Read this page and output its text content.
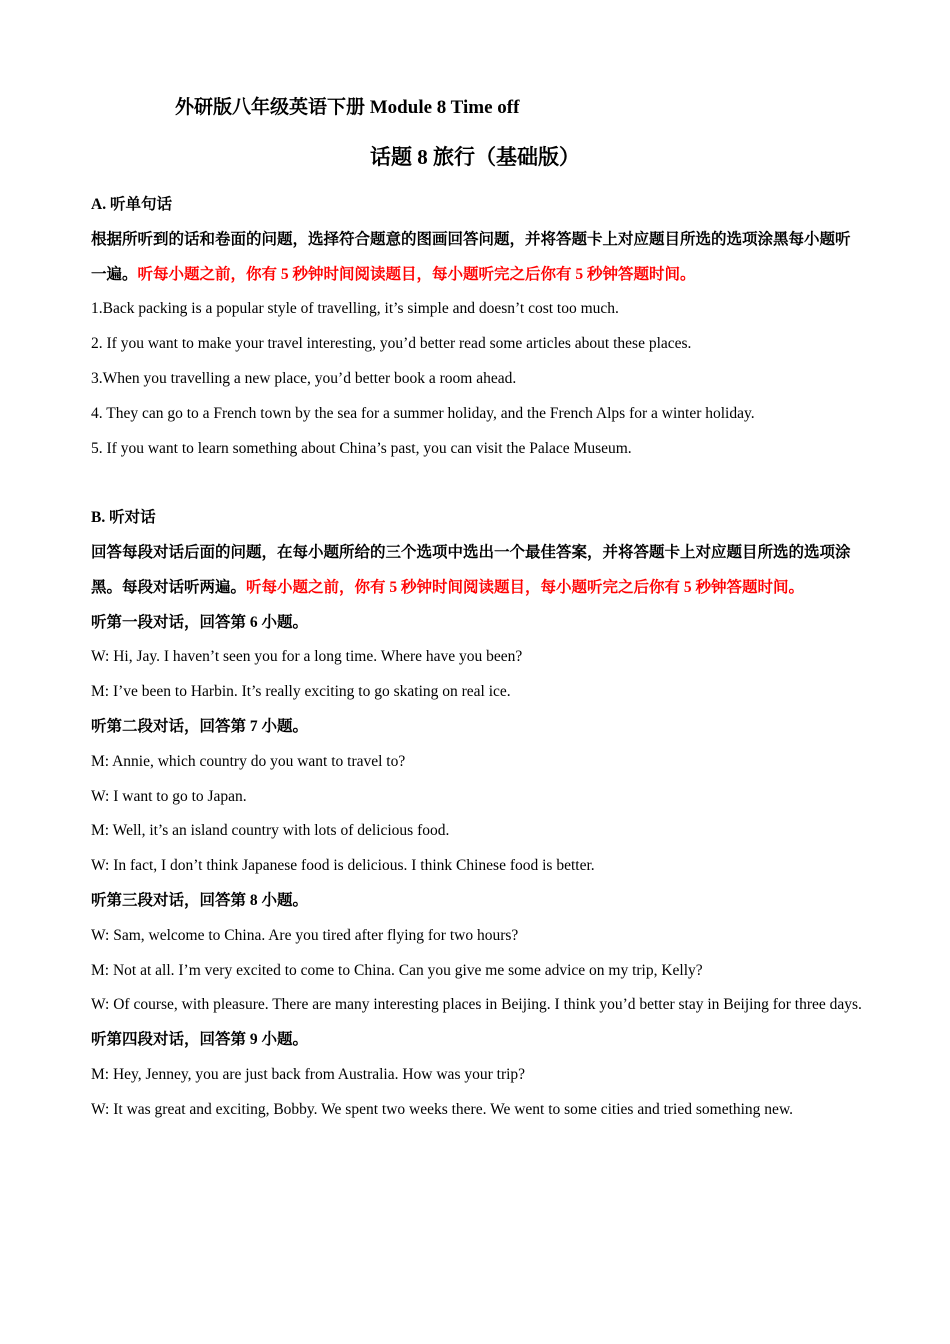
外研版八年级英语下册 Module 8 Time off
话题 8 旅行（基础版）

A. 听单句话

根据所听到的话和卷面的问题，选择符合题意的图画回答问题，并将答题卡上对应题目所选的选项涂黑每小题听一遍。听每小题之前，你有 5 秒钟时间阅读题目，每小题听完之后你有 5 秒钟答题时间。

1.Back packing is a popular style of travelling, it’s simple and doesn’t cost too much.

2. If you want to make your travel interesting, you’d better read some articles about these places.

3.When you travelling a new place, you’d better book a room ahead.

4. They can go to a French town by the sea for a summer holiday, and the French Alps for a winter holiday.

5. If you want to learn something about China’s past, you can visit the Palace Museum.

B. 听对话

回答每段对话后面的问题，在每小题所给的三个选项中选出一个最佳答案，并将答题卡上对应题目所选的选项涂黑。每段对话听两遍。听每小题之前，你有 5 秒钟时间阅读题目，每小题听完之后你有 5 秒钟答题时间。

听第一段对话，回答第 6 小题。

W: Hi, Jay. I haven’t seen you for a long time. Where have you been?

M: I’ve been to Harbin. It’s really exciting to go skating on real ice.

听第二段对话，回答第 7 小题。

M: Annie, which country do you want to travel to?

W: I want to go to Japan.

M: Well, it’s an island country with lots of delicious food.

W: In fact, I don’t think Japanese food is delicious. I think Chinese food is better.

听第三段对话，回答第 8 小题。

W: Sam, welcome to China. Are you tired after flying for two hours?

M: Not at all. I’m very excited to come to China. Can you give me some advice on my trip, Kelly?

W: Of course, with pleasure. There are many interesting places in Beijing. I think you’d better stay in Beijing for three days.

听第四段对话，回答第 9 小题。

M: Hey, Jenney, you are just back from Australia. How was your trip?

W: It was great and exciting, Bobby. We spent two weeks there. We went to some cities and tried something new.
